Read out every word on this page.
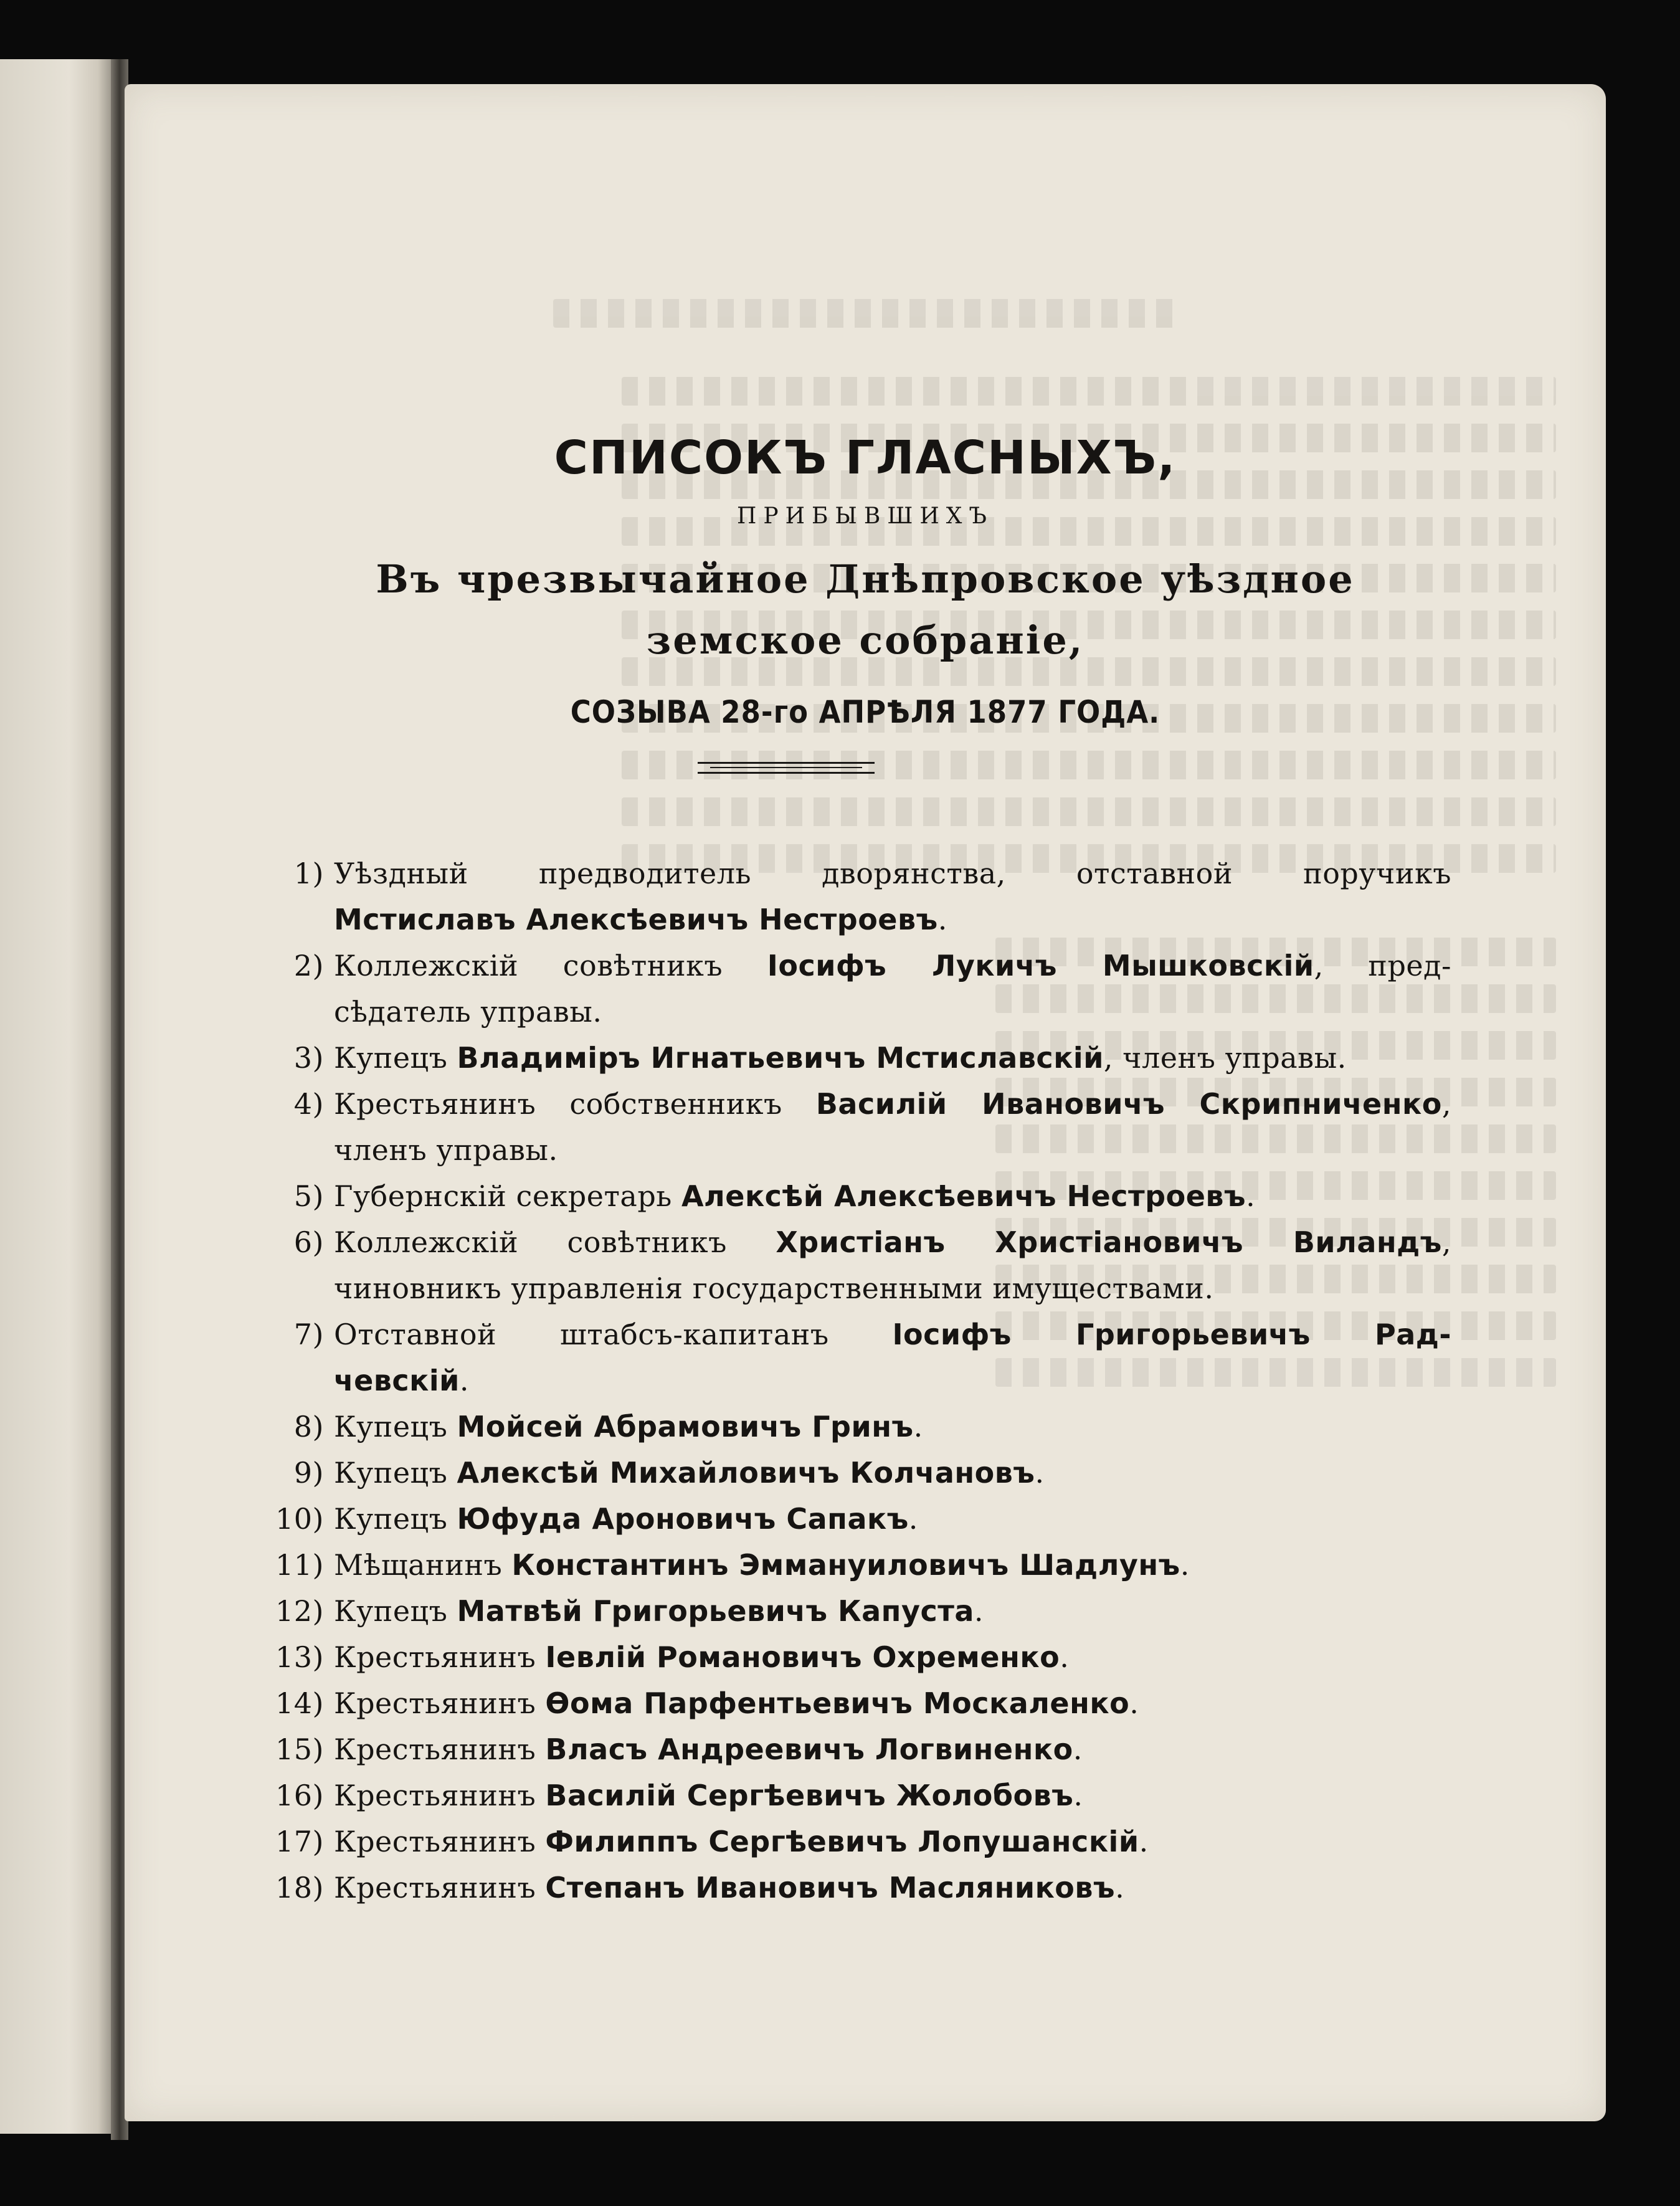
СПИСОКЪ ГЛАСНЫХЪ,
ПРИБЫВШИХЪ
Въ чрезвычайное Днѣпровское уѣздное
земское собраніе,
СОЗЫВА 28-го АПРѢЛЯ 1877 ГОДА.
1) Уѣздный предводитель дворянства, отставной поручикъ
Мстиславъ Алексѣевичъ Нестроевъ.
2) Коллежскій совѣтникъ Іосифъ Лукичъ Мышковскій, пред-
сѣдатель управы.
3) Купецъ Владиміръ Игнатьевичъ Мстиславскій, членъ управы.
4) Крестьянинъ собственникъ Василій Ивановичъ Скрипниченко,
членъ управы.
5) Губернскій секретарь Алексѣй Алексѣевичъ Нестроевъ.
6) Коллежскій совѣтникъ Христіанъ Христіановичъ Виландъ,
чиновникъ управленія государственными имуществами.
7) Отставной штабсъ-капитанъ Іосифъ Григорьевичъ Рад-
чевскій.
8) Купецъ Мойсей Абрамовичъ Гринъ.
9) Купецъ Алексѣй Михайловичъ Колчановъ.
10) Купецъ Юфуда Ароновичъ Сапакъ.
11) Мѣщанинъ Константинъ Эммануиловичъ Шадлунъ.
12) Купецъ Матвѣй Григорьевичъ Капуста.
13) Крестьянинъ Іевлій Романовичъ Охременко.
14) Крестьянинъ Ѳома Парфентьевичъ Москаленко.
15) Крестьянинъ Власъ Андреевичъ Логвиненко.
16) Крестьянинъ Василій Сергѣевичъ Жолобовъ.
17) Крестьянинъ Филиппъ Сергѣевичъ Лопушанскій.
18) Крестьянинъ Степанъ Ивановичъ Масляниковъ.
